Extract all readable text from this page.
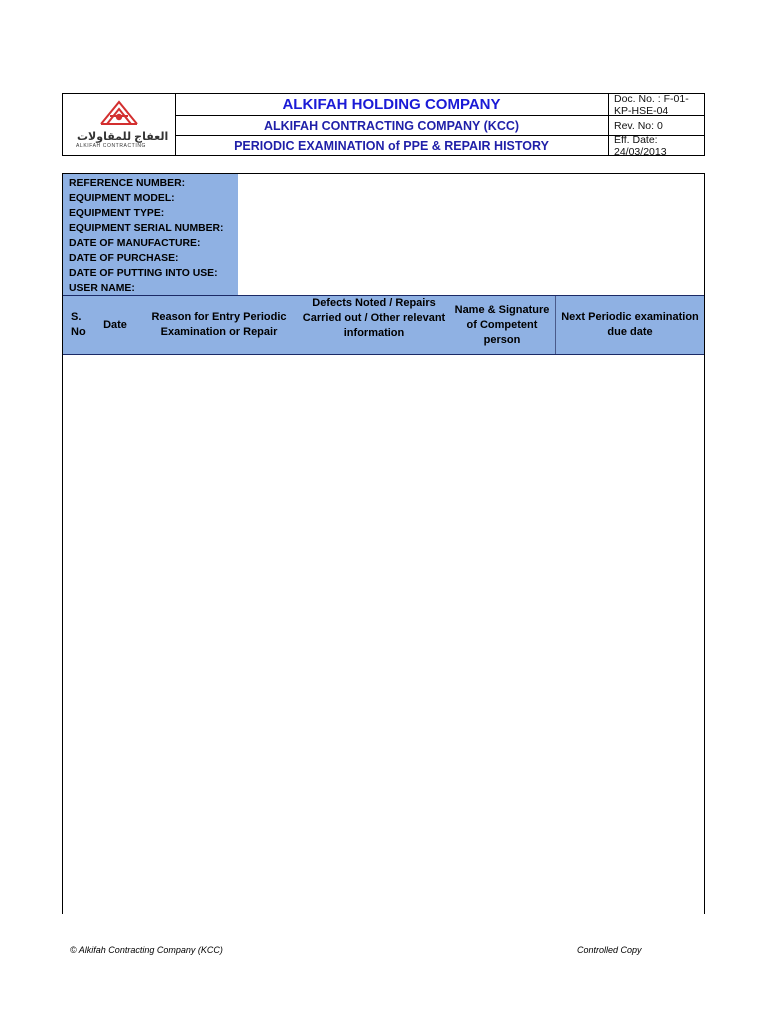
العفاج للمقاولات
ALKIFAH CONTRACTING
ALKIFAH HOLDING COMPANY
ALKIFAH CONTRACTING COMPANY (KCC)
PERIODIC EXAMINATION of PPE & REPAIR HISTORY
Doc. No. : F-01-KP-HSE-04
Rev. No: 0
Eff. Date: 24/03/2013
REFERENCE NUMBER:
EQUIPMENT MODEL:
EQUIPMENT TYPE:
EQUIPMENT SERIAL NUMBER:
DATE OF MANUFACTURE:
DATE OF PURCHASE:
DATE OF PUTTING INTO USE:
USER NAME:
S. No
Date
Reason for Entry Periodic Examination or Repair
Defects Noted / Repairs Carried out / Other relevant information
Name & Signature of Competent person
Next Periodic examination due date
© Alkifah Contracting Company (KCC)	Controlled Copy
